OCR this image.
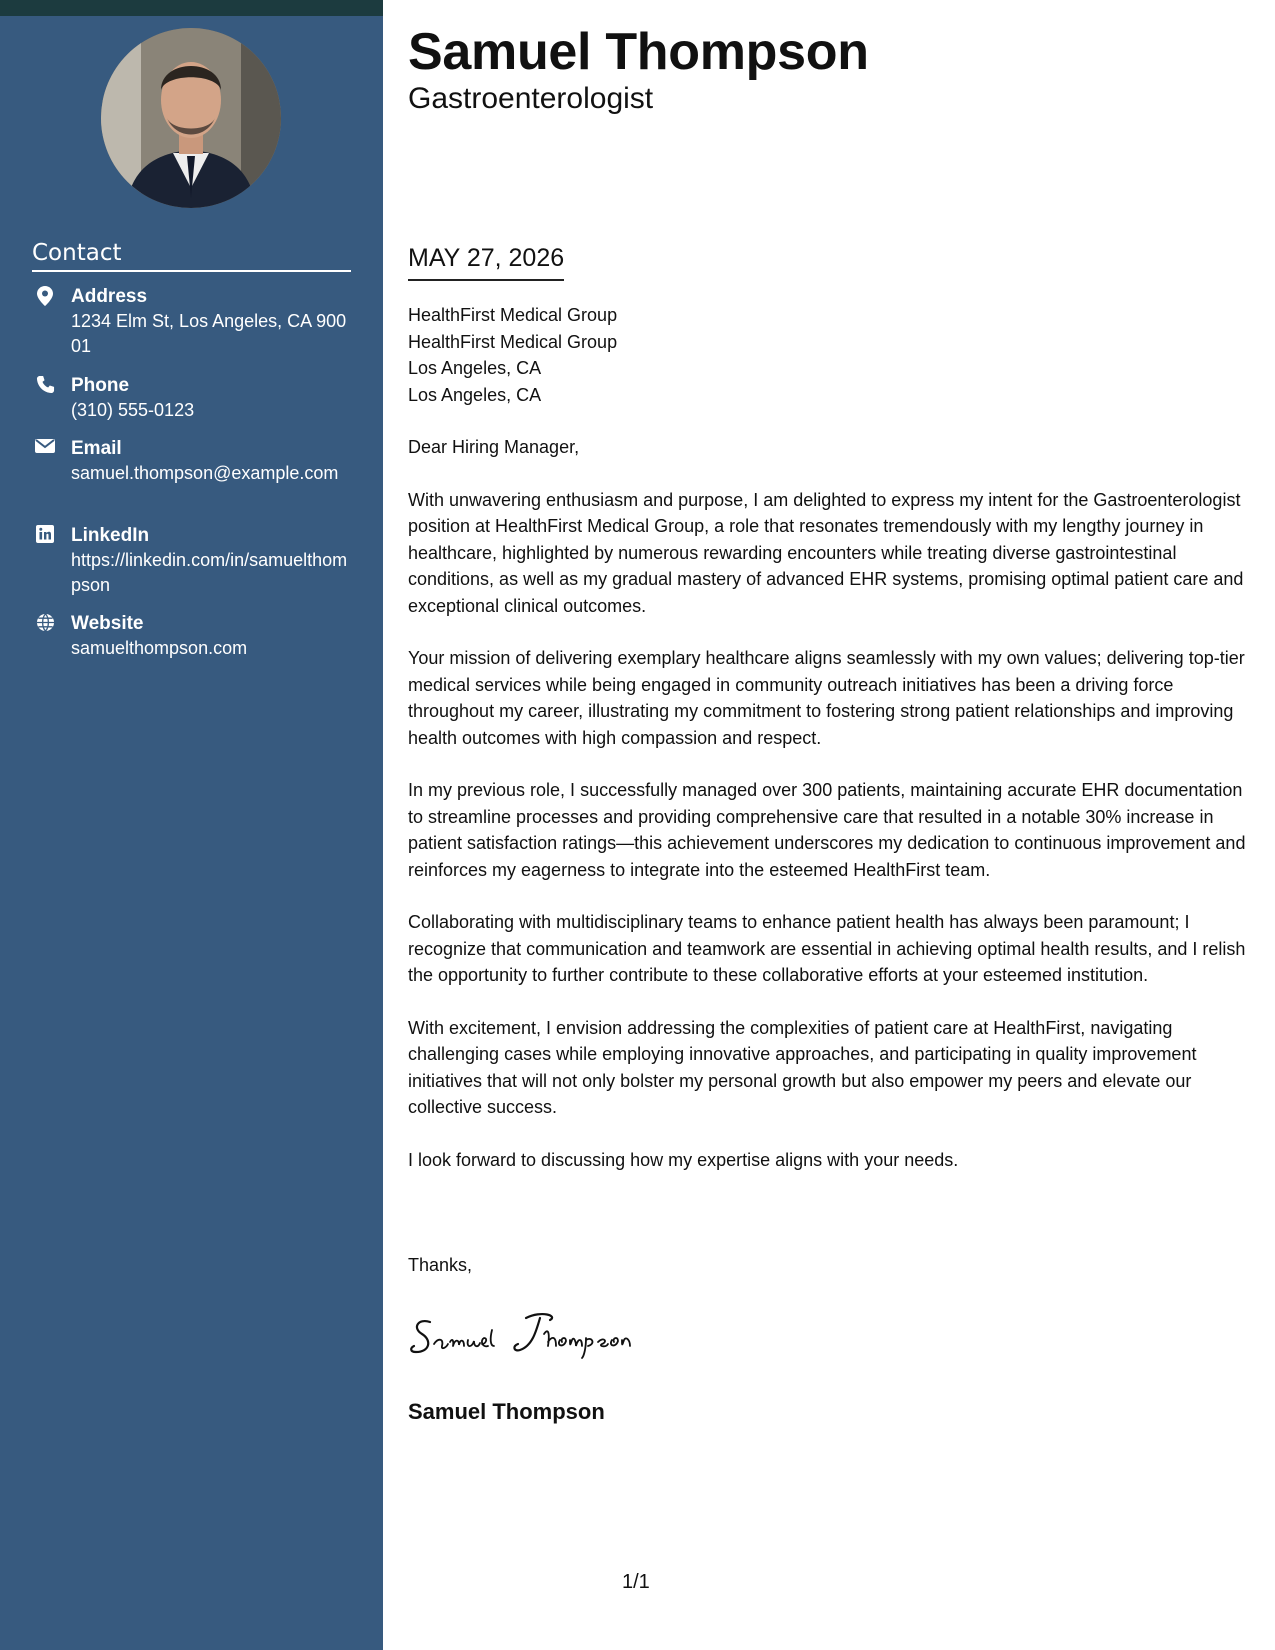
Contact
Address
1234 Elm St, Los Angeles, CA 90001
Phone
(310) 555-0123
Email
samuel.thompson@example.com
LinkedIn
https://linkedin.com/in/samuelthompson
Website
samuelthompson.com
Samuel Thompson
Gastroenterologist
MAY 27, 2026
HealthFirst Medical Group
HealthFirst Medical Group
Los Angeles, CA
Los Angeles, CA

Dear Hiring Manager,

With unwavering enthusiasm and purpose, I am delighted to express my intent for the Gastroenterologist position at HealthFirst Medical Group, a role that resonates tremendously with my lengthy journey in healthcare, highlighted by numerous rewarding encounters while treating diverse gastrointestinal conditions, as well as my gradual mastery of advanced EHR systems, promising optimal patient care and exceptional clinical outcomes.

Your mission of delivering exemplary healthcare aligns seamlessly with my own values; delivering top-tier medical services while being engaged in community outreach initiatives has been a driving force throughout my career, illustrating my commitment to fostering strong patient relationships and improving health outcomes with high compassion and respect.

In my previous role, I successfully managed over 300 patients, maintaining accurate EHR documentation to streamline processes and providing comprehensive care that resulted in a notable 30% increase in patient satisfaction ratings—this achievement underscores my dedication to continuous improvement and reinforces my eagerness to integrate into the esteemed HealthFirst team.

Collaborating with multidisciplinary teams to enhance patient health has always been paramount; I recognize that communication and teamwork are essential in achieving optimal health results, and I relish the opportunity to further contribute to these collaborative efforts at your esteemed institution.

With excitement, I envision addressing the complexities of patient care at HealthFirst, navigating challenging cases while employing innovative approaches, and participating in quality improvement initiatives that will not only bolster my personal growth but also empower my peers and elevate our collective success.

I look forward to discussing how my expertise aligns with your needs.

Thanks,
Samuel Thompson
1/1
